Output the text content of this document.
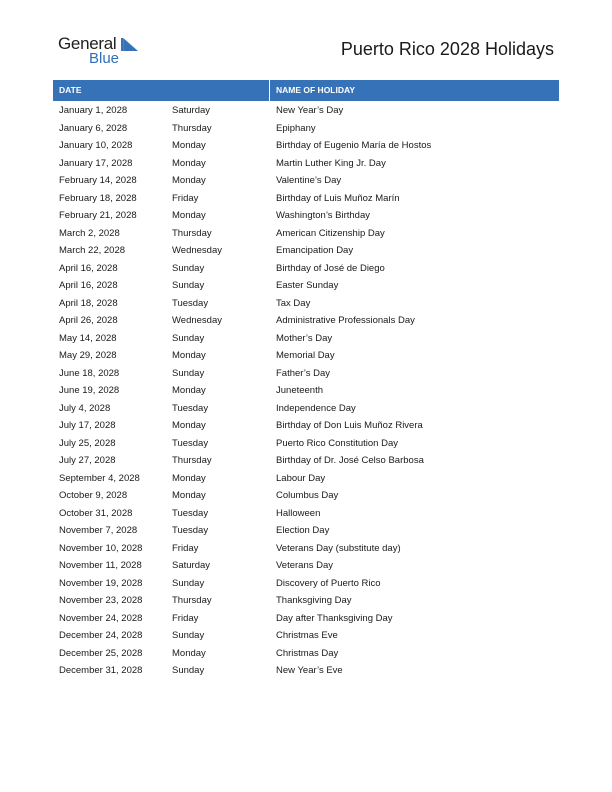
General
Blue	Puerto Rico 2028 Holidays
DATE	NAME OF HOLIDAY
January 1, 2028	Saturday	New Year’s Day
January 6, 2028	Thursday	Epiphany
January 10, 2028	Monday	Birthday of Eugenio María de Hostos
January 17, 2028	Monday	Martin Luther King Jr. Day
February 14, 2028	Monday	Valentine’s Day
February 18, 2028	Friday	Birthday of Luis Muñoz Marín
February 21, 2028	Monday	Washington’s Birthday
March 2, 2028	Thursday	American Citizenship Day
March 22, 2028	Wednesday	Emancipation Day
April 16, 2028	Sunday	Birthday of José de Diego
April 16, 2028	Sunday	Easter Sunday
April 18, 2028	Tuesday	Tax Day
April 26, 2028	Wednesday	Administrative Professionals Day
May 14, 2028	Sunday	Mother’s Day
May 29, 2028	Monday	Memorial Day
June 18, 2028	Sunday	Father’s Day
June 19, 2028	Monday	Juneteenth
July 4, 2028	Tuesday	Independence Day
July 17, 2028	Monday	Birthday of Don Luis Muñoz Rivera
July 25, 2028	Tuesday	Puerto Rico Constitution Day
July 27, 2028	Thursday	Birthday of Dr. José Celso Barbosa
September 4, 2028	Monday	Labour Day
October 9, 2028	Monday	Columbus Day
October 31, 2028	Tuesday	Halloween
November 7, 2028	Tuesday	Election Day
November 10, 2028	Friday	Veterans Day (substitute day)
November 11, 2028	Saturday	Veterans Day
November 19, 2028	Sunday	Discovery of Puerto Rico
November 23, 2028	Thursday	Thanksgiving Day
November 24, 2028	Friday	Day after Thanksgiving Day
December 24, 2028	Sunday	Christmas Eve
December 25, 2028	Monday	Christmas Day
December 31, 2028	Sunday	New Year’s Eve
